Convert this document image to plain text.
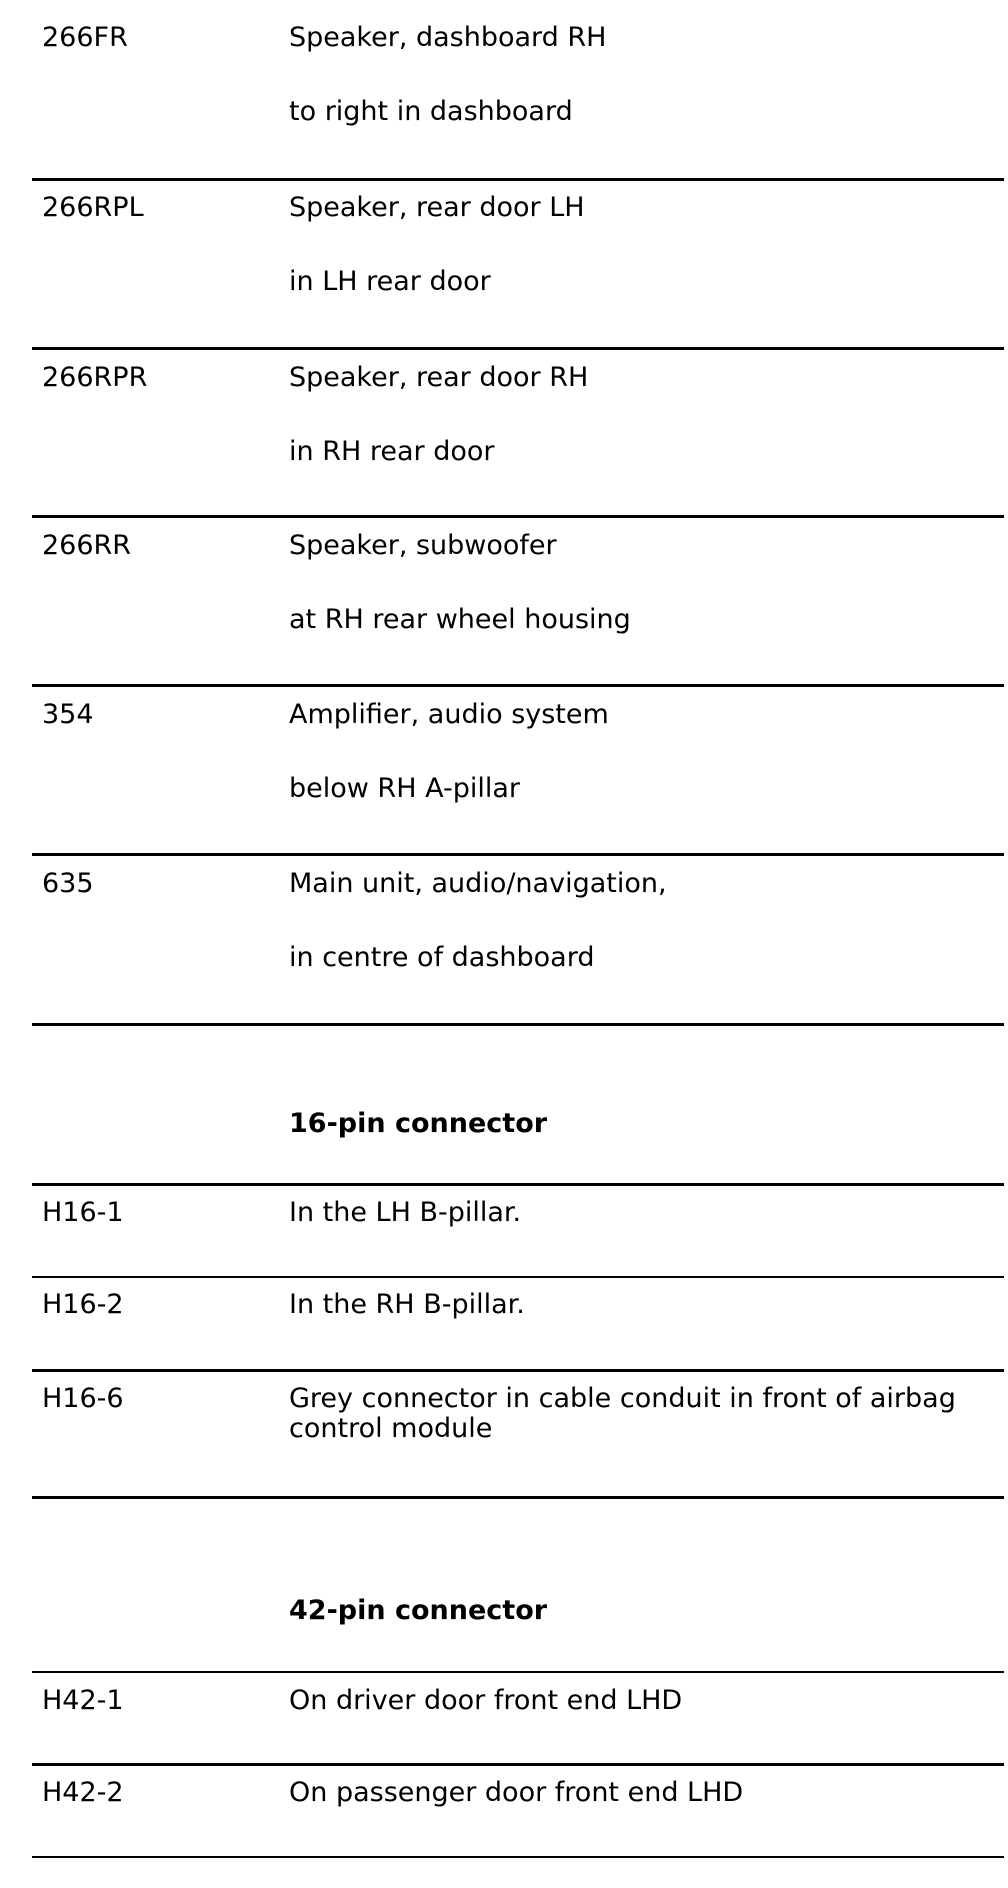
266FR	Speaker, dashboard RH
to right in dashboard
266RPL	Speaker, rear door LH
in LH rear door
266RPR	Speaker, rear door RH
in RH rear door
266RR	Speaker, subwoofer
at RH rear wheel housing
354	Amplifier, audio system
below RH A-pillar
635	Main unit, audio/navigation,
in centre of dashboard
16-pin connector
H16-1	In the LH B-pillar.
H16-2	In the RH B-pillar.
H16-6	Grey connector in cable conduit in front of airbag control module
42-pin connector
H42-1	On driver door front end LHD
H42-2	On passenger door front end LHD
